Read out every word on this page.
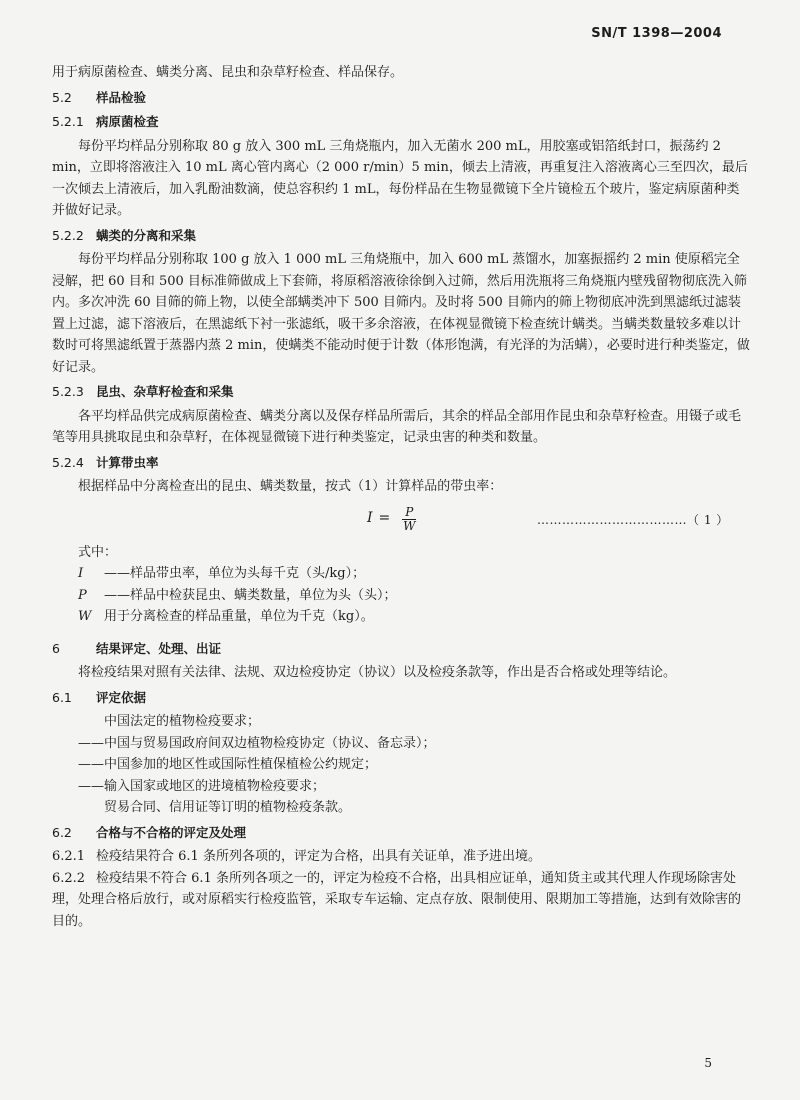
SN/T 1398—2004

用于病原菌检查、螨类分离、昆虫和杂草籽检查、样品保存。

5.2 样品检验

5.2.1 病原菌检查

每份平均样品分别称取 80 g 放入 300 mL 三角烧瓶内，加入无菌水 200 mL，用胶塞或铝箔纸封口，振荡约 2 min，立即将溶液注入 10 mL 离心管内离心（2 000 r/min）5 min，倾去上清液，再重复注入溶液离心三至四次，最后一次倾去上清液后，加入乳酚油数滴，使总容积约 1 mL，每份样品在生物显微镜下全片镜检五个玻片，鉴定病原菌种类并做好记录。

5.2.2 螨类的分离和采集

每份平均样品分别称取 100 g 放入 1 000 mL 三角烧瓶中，加入 600 mL 蒸馏水，加塞振摇约 2 min 使原稻完全浸解，把 60 目和 500 目标准筛做成上下套筛，将原稻溶液徐徐倒入过筛，然后用洗瓶将三角烧瓶内壁残留物彻底洗入筛内。多次冲洗 60 目筛的筛上物，以使全部螨类冲下 500 目筛内。及时将 500 目筛内的筛上物彻底冲洗到黑滤纸过滤装置上过滤，滤下溶液后，在黑滤纸下衬一张滤纸，吸干多余溶液，在体视显微镜下检查统计螨类。当螨类数量较多难以计数时可将黑滤纸置于蒸器内蒸 2 min，使螨类不能动时便于计数（体形饱满，有光泽的为活螨），必要时进行种类鉴定，做好记录。

5.2.3 昆虫、杂草籽检查和采集

各平均样品供完成病原菌检查、螨类分离以及保存样品所需后，其余的样品全部用作昆虫和杂草籽检查。用镊子或毛笔等用具挑取昆虫和杂草籽，在体视显微镜下进行种类鉴定，记录虫害的种类和数量。

5.2.4 计算带虫率

根据样品中分离检查出的昆虫、螨类数量，按式（1）计算样品的带虫率：

$I = \frac{P}{W}$	………………………………（ 1 ）

式中：

I	——样品带虫率，单位为头每千克（头/kg）；
P	——样品中检获昆虫、螨类数量，单位为头（头）；
W 用于分离检查的样品重量，单位为千克（kg）。

6	结果评定、处理、出证

将检疫结果对照有关法律、法规、双边检疫协定（协议）以及检疫条款等，作出是否合格或处理等结论。

6.1 评定依据

中国法定的植物检疫要求；

——中国与贸易国政府间双边植物检疫协定（协议、备忘录）；

——中国参加的地区性或国际性植保植检公约规定；

——输入国家或地区的进境植物检疫要求；

贸易合同、信用证等订明的植物检疫条款。

6.2 合格与不合格的评定及处理

6.2.1 检疫结果符合 6.1 条所列各项的，评定为合格，出具有关证单，准予进出境。

6.2.2 检疫结果不符合 6.1 条所列各项之一的，评定为检疫不合格，出具相应证单，通知货主或其代理人作现场除害处理，处理合格后放行，或对原稻实行检疫监管，采取专车运输、定点存放、限制使用、限期加工等措施，达到有效除害的目的。

5
